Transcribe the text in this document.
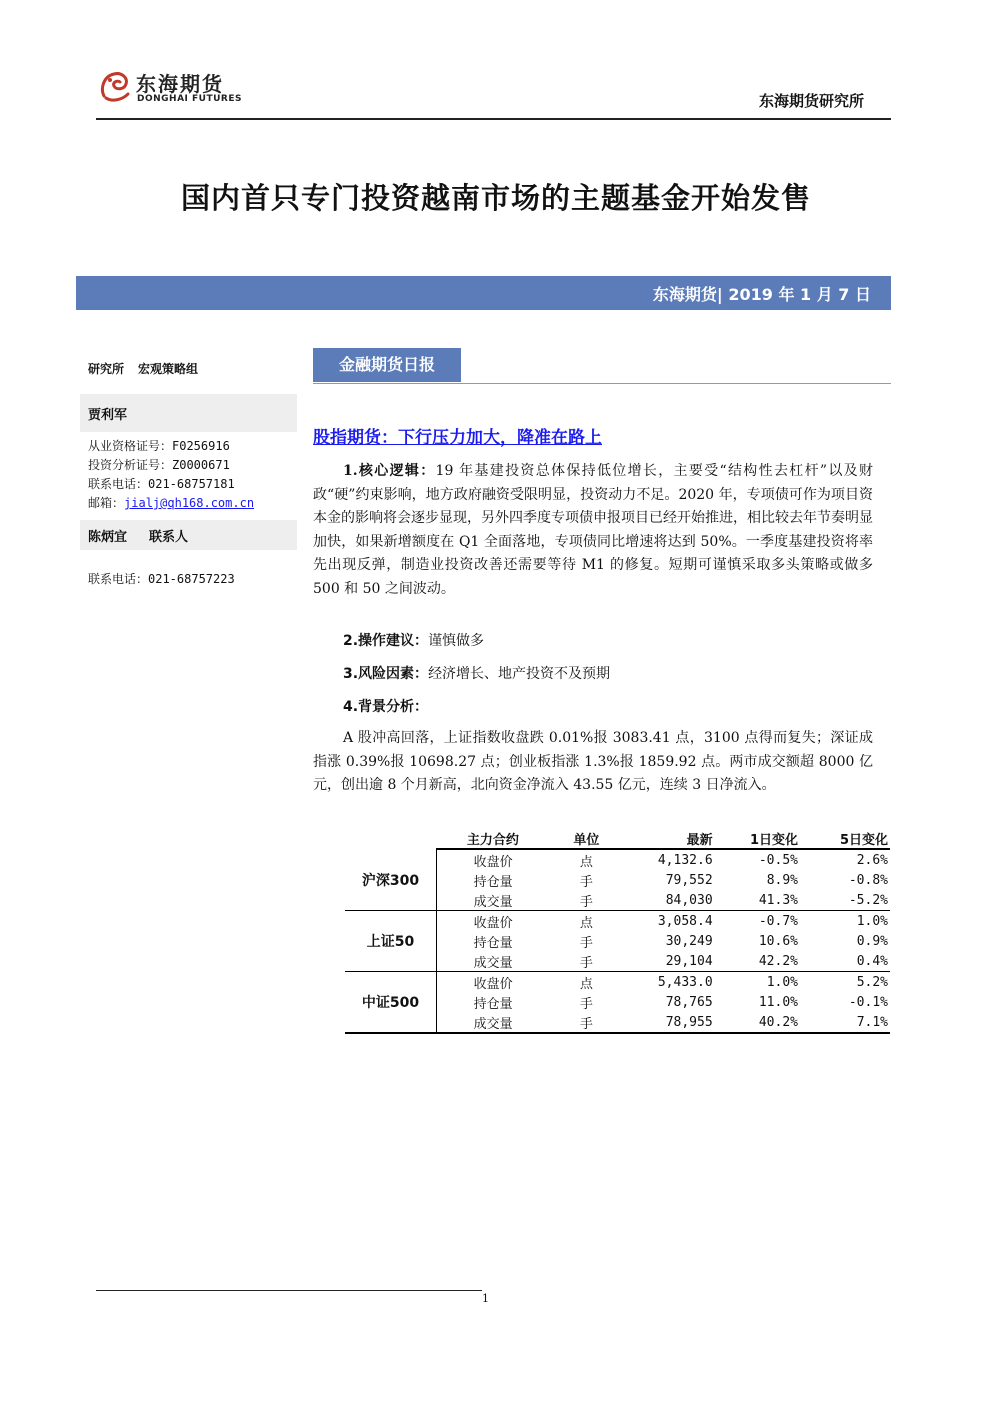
东海期货
DONGHAI FUTURES	东海期货研究所
国内首只专门投资越南市场的主题基金开始发售
东海期货| 2019 年 1 月 7 日
研究所 宏观策略组
贾利军
从业资格证号：F0256916
投资分析证号：Z0000671
联系电话：021-68757181
邮箱：jialj@qh168.com.cn
陈炳宜 联系人
联系电话：021-68757223
金融期货日报
股指期货：下行压力加大，降准在路上
1.核心逻辑：19 年基建投资总体保持低位增长，主要受“结构性去杠杆”以及财政“硬”约束影响，地方政府融资受限明显，投资动力不足。2020 年，专项债可作为项目资本金的影响将会逐步显现，另外四季度专项债申报项目已经开始推进，相比较去年节奏明显加快，如果新增额度在 Q1 全面落地，专项债同比增速将达到 50%。一季度基建投资将率先出现反弹，制造业投资改善还需要等待 M1 的修复。短期可谨慎采取多头策略或做多 500 和 50 之间波动。
2.操作建议：谨慎做多
3.风险因素：经济增长、地产投资不及预期
4.背景分析：
A 股冲高回落，上证指数收盘跌 0.01%报 3083.41 点，3100 点得而复失；深证成指涨 0.39%报 10698.27 点；创业板指涨 1.3%报 1859.92 点。两市成交额超 8000 亿元，创出逾 8 个月新高，北向资金净流入 43.55 亿元，连续 3 日净流入。
	主力合约	单位	最新	1日变化	5日变化
沪深300	收盘价	点	4,132.6	-0.5%	2.6%
	持仓量	手	79,552	8.9%	-0.8%
	成交量	手	84,030	41.3%	-5.2%
上证50	收盘价	点	3,058.4	-0.7%	1.0%
	持仓量	手	30,249	10.6%	0.9%
	成交量	手	29,104	42.2%	0.4%
中证500	收盘价	点	5,433.0	1.0%	5.2%
	持仓量	手	78,765	11.0%	-0.1%
	成交量	手	78,955	40.2%	7.1%
1
